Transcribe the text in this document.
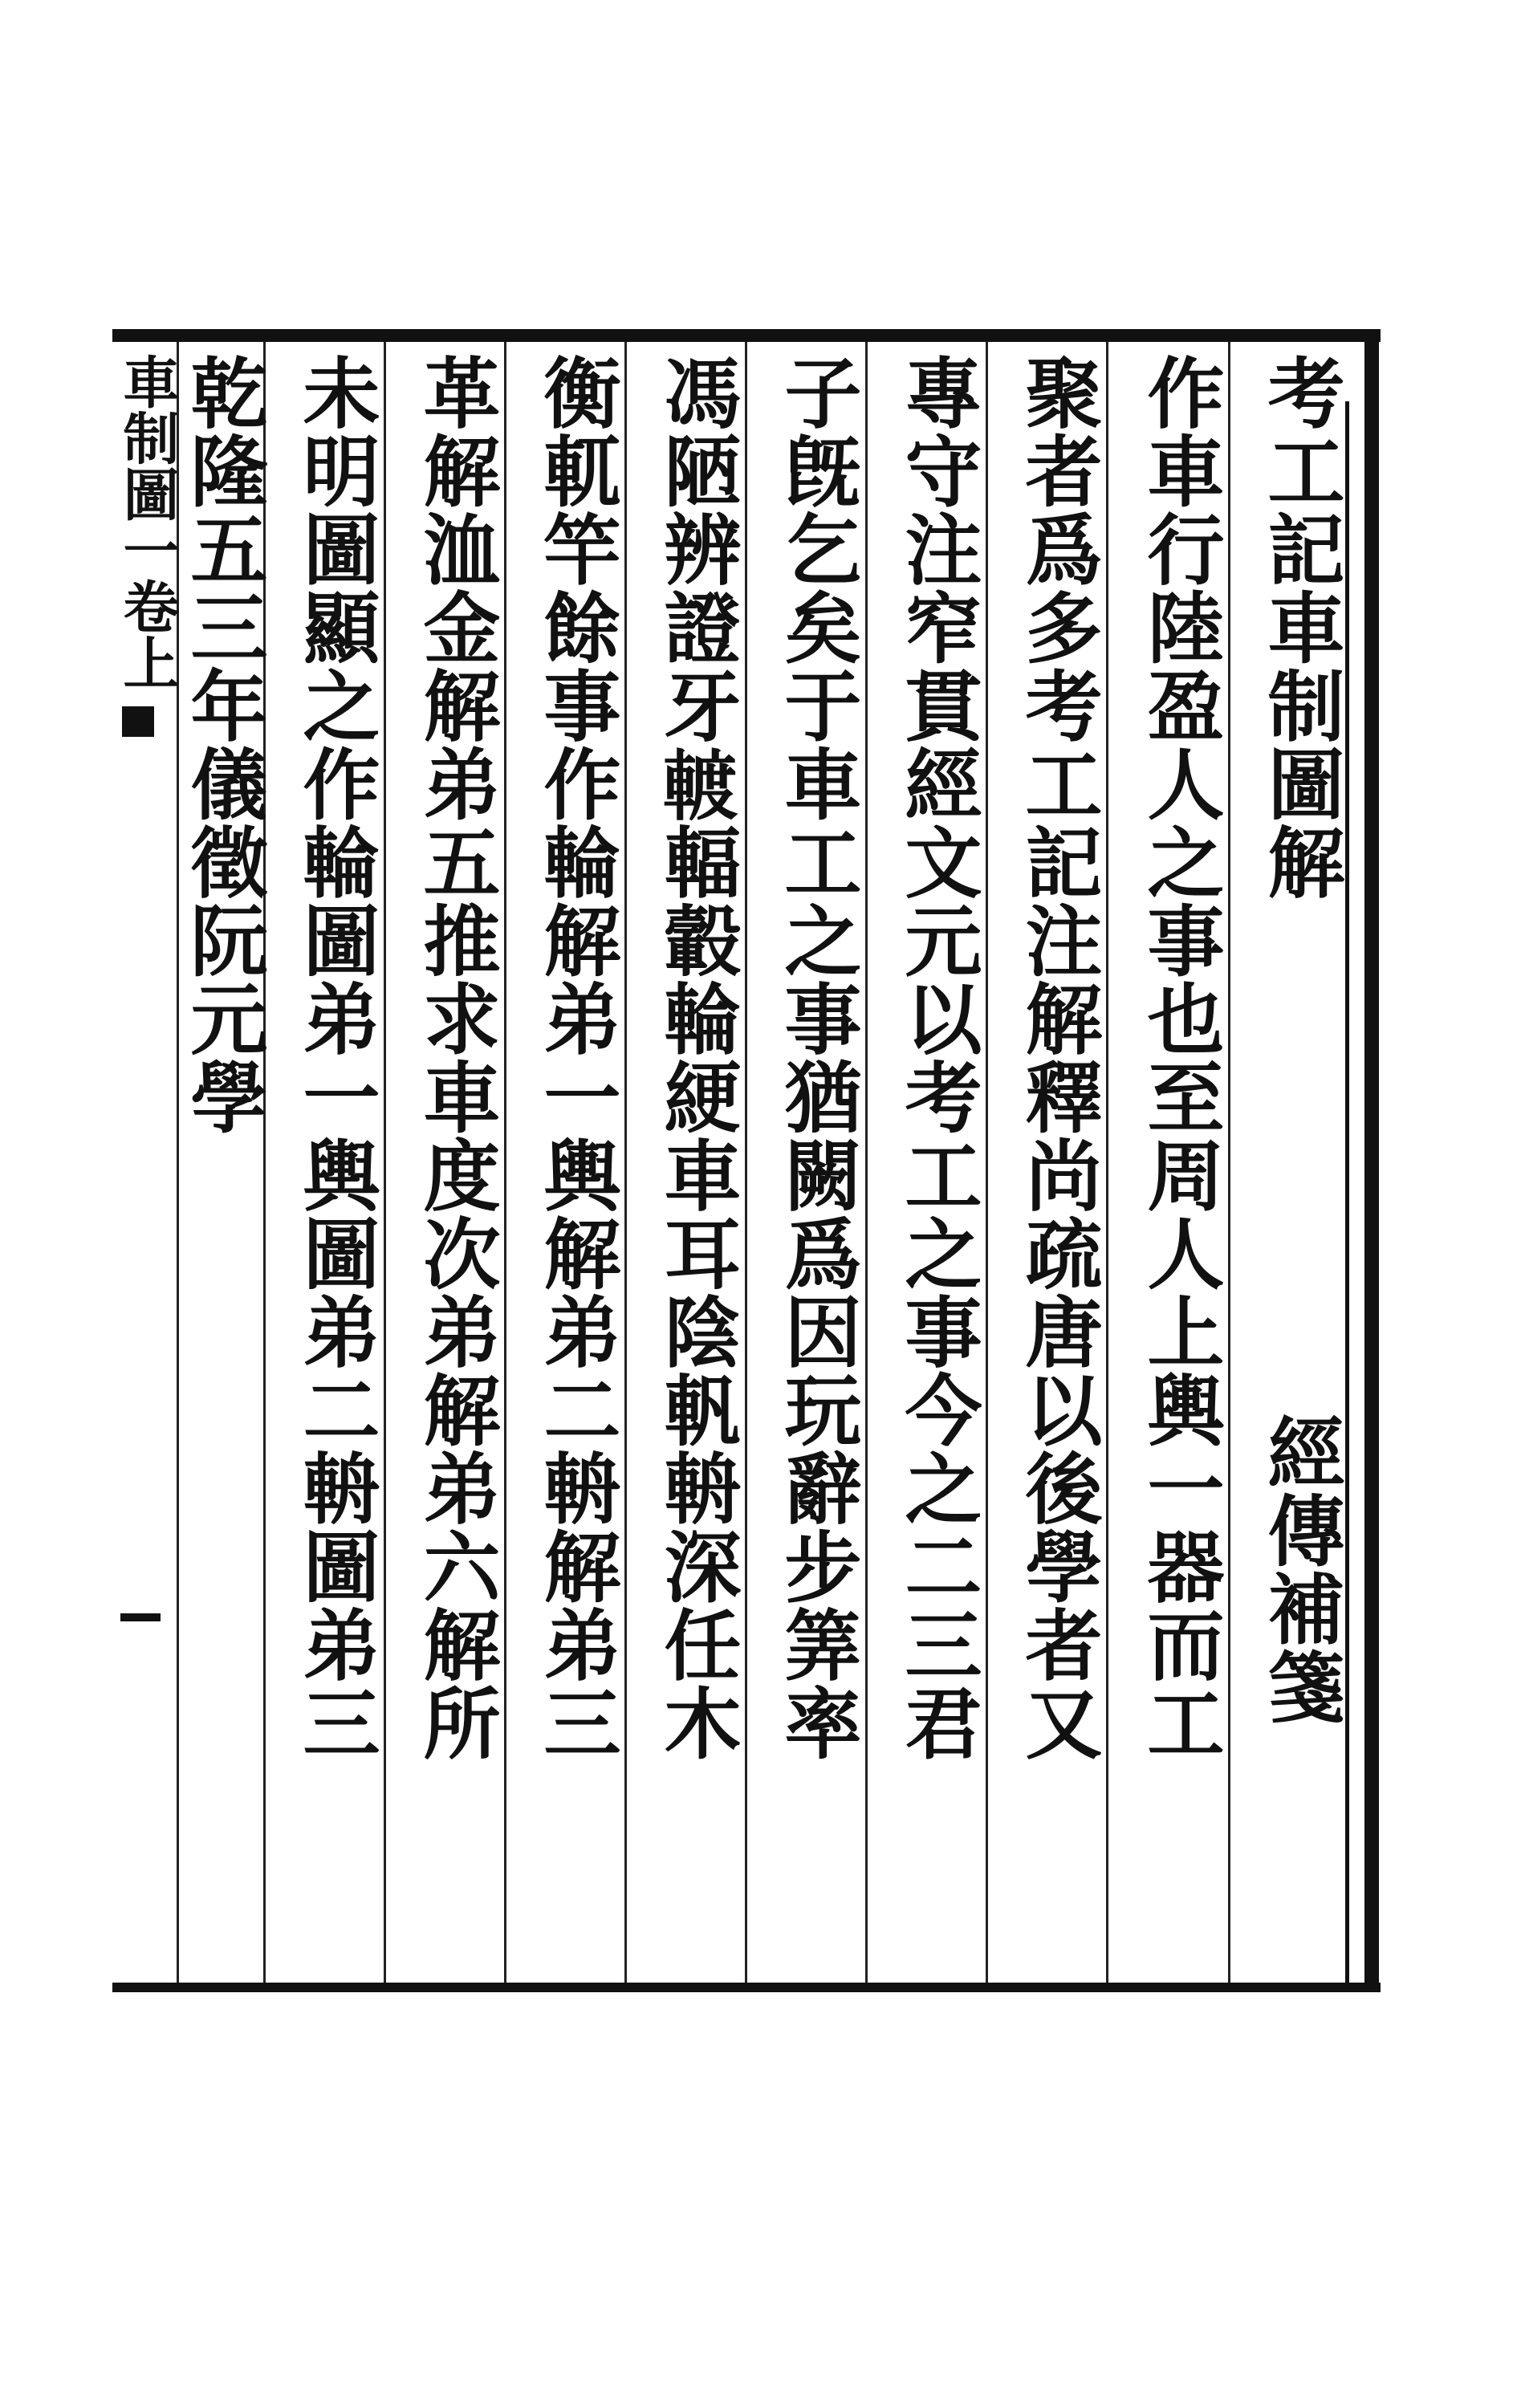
考工記車制圖解
經傳補箋
作車行陸盈人之事也至周人上輿一器而工
聚者爲多考工記注解釋尚疏唐以後學者又
專守注窄貫經文元以考工之事今之二三君
子旣乞矣于車工之事猶闕爲因玩辭步筭率
馮陋辨證牙𨍏輻轂輪綆車耳陰軓輈深任木
衡軏竿餘事作輪解弟一輿解弟二輈解弟三
革解洫金解弟五推求車度次弟解弟六解所
未明圖顯之作輪圖弟一輿圖弟二輈圖弟三
乾隆五三年儀徵阮元學
車制圖一卷上
